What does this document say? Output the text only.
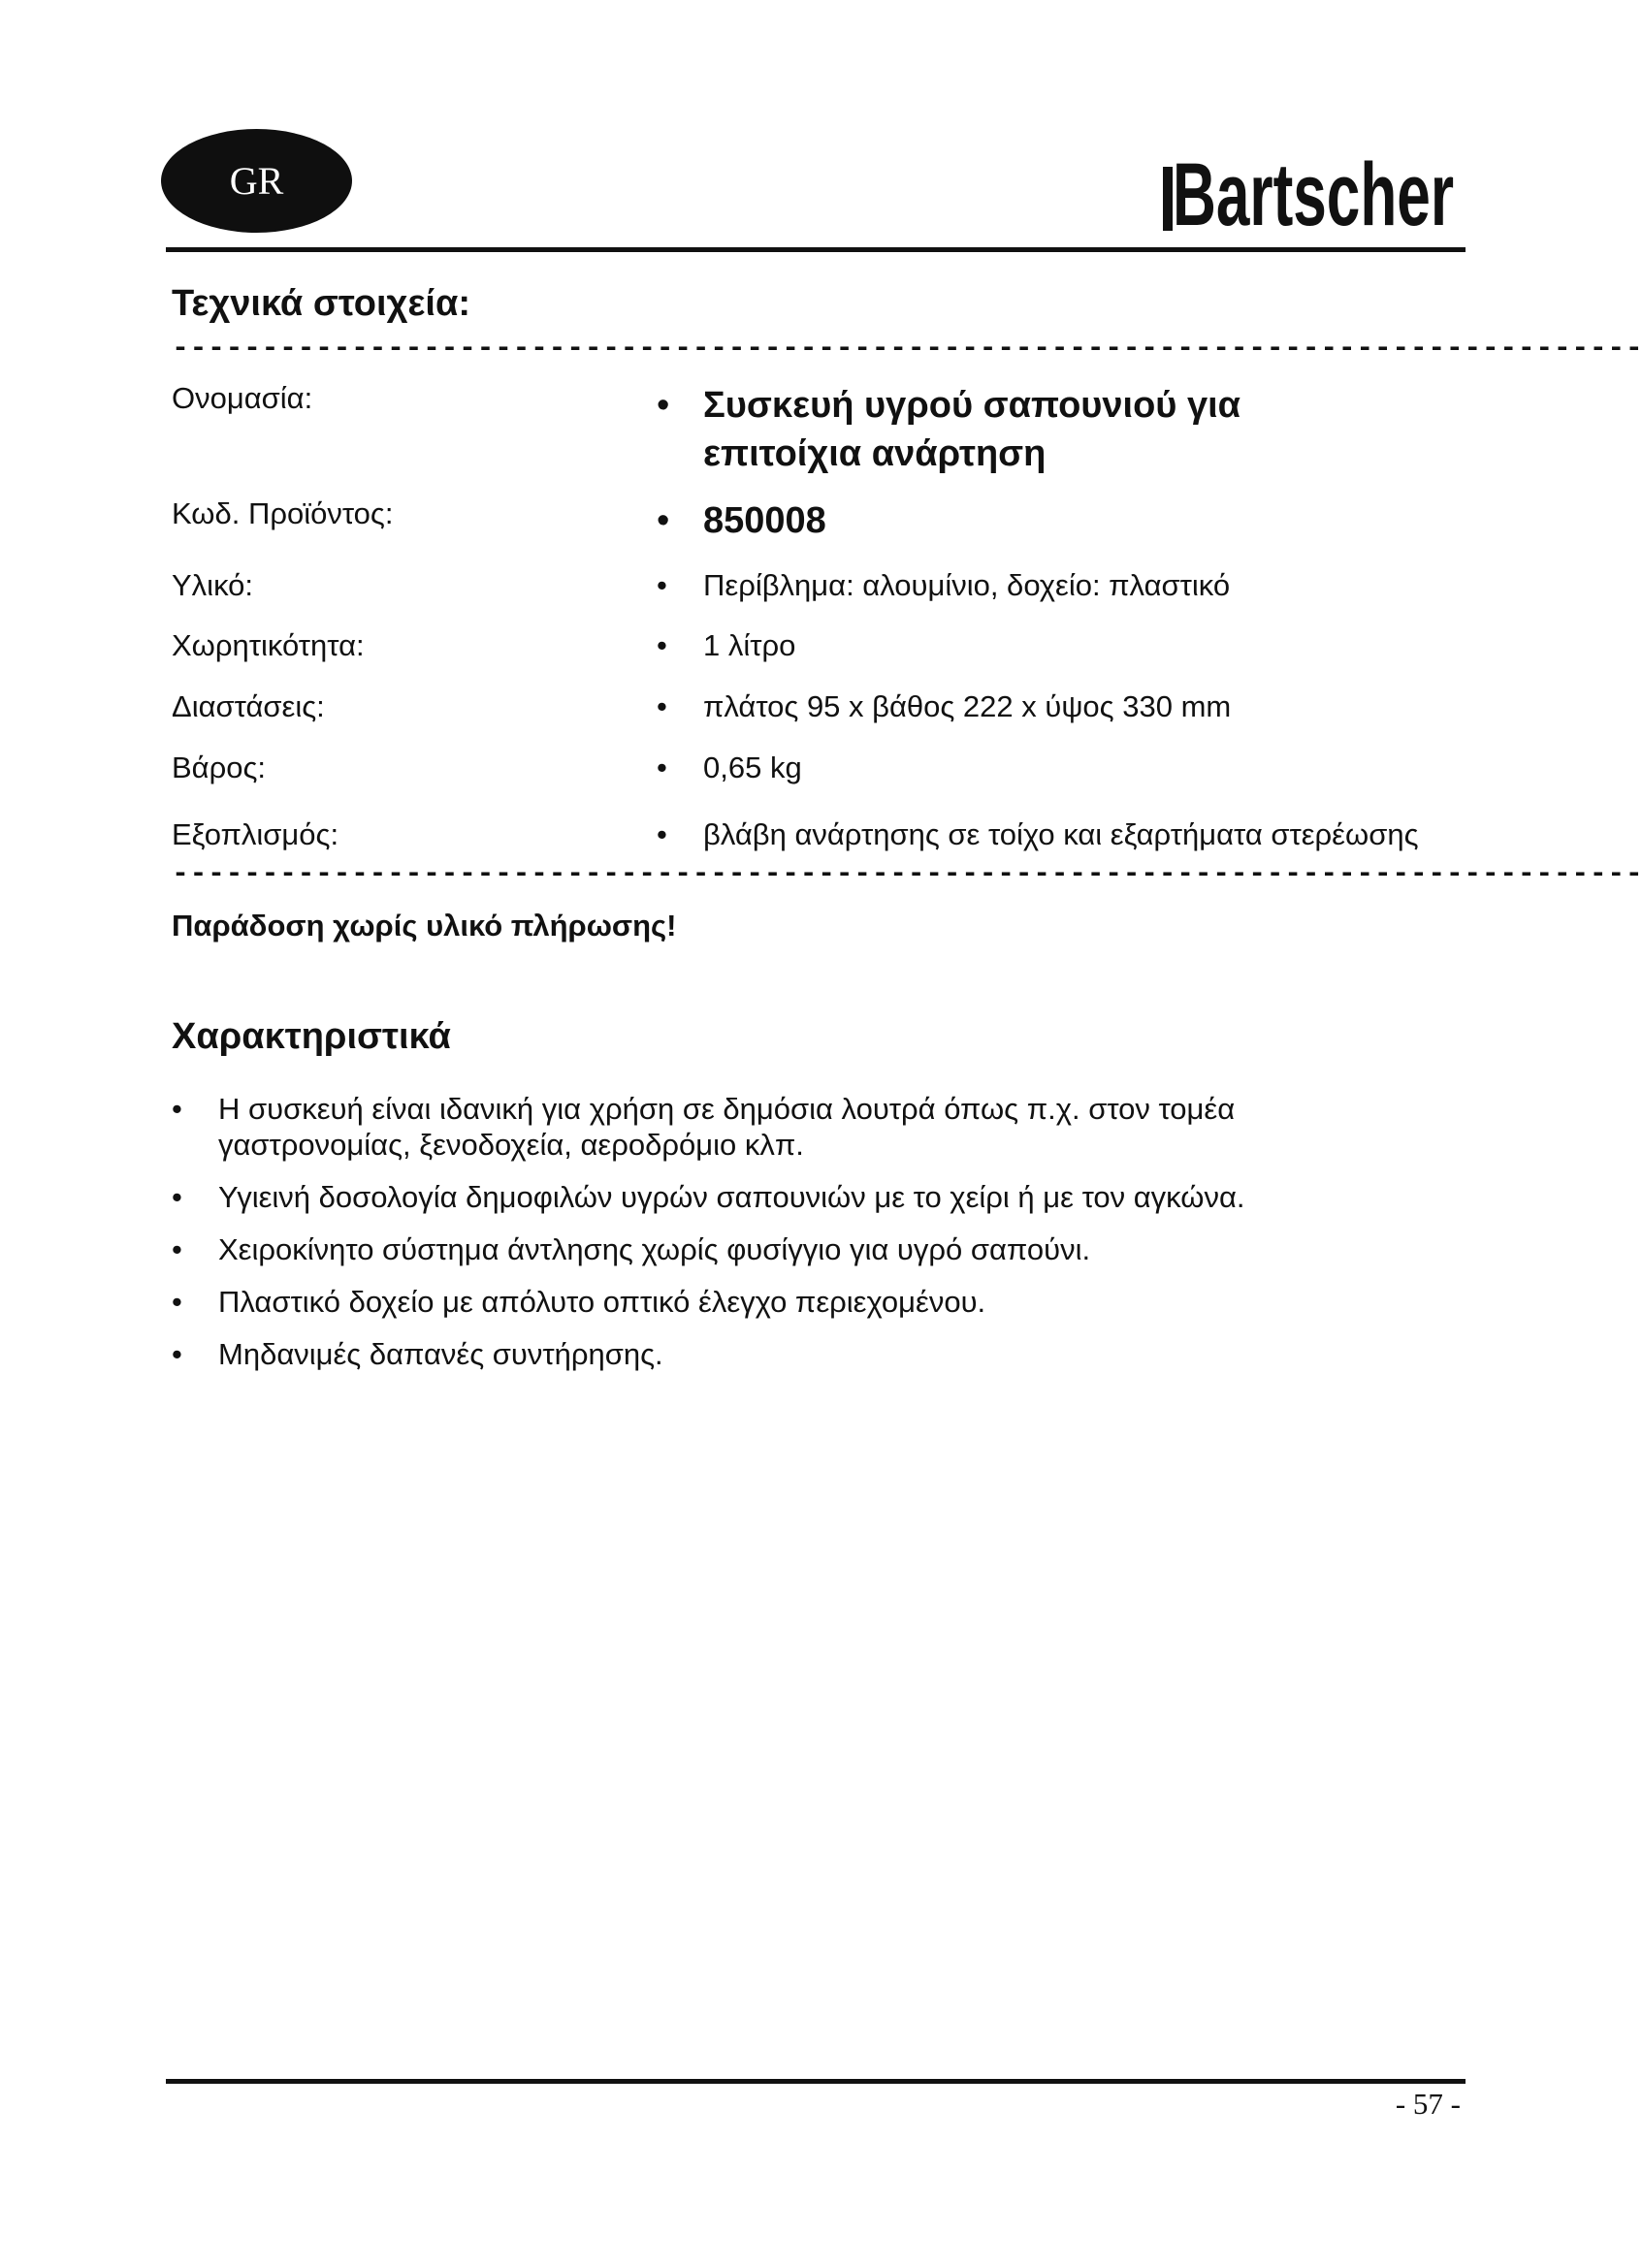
GR	Bartscher
Τεχνικά στοιχεία:
----------------------------------------------------------------------------------
Ονομασία:	• Συσκευή υγρού σαπουνιού για επιτοίχια ανάρτηση
Κωδ. Προϊόντος:	• 850008
Υλικό:	• Περίβλημα: αλουμίνιο, δοχείο: πλαστικό
Χωρητικότητα:	• 1 λίτρο
Διαστάσεις:	• πλάτος 95 x βάθος 222 x ύψος 330 mm
Βάρος:	• 0,65 kg
Εξοπλισμός:	• βλάβη ανάρτησης σε τοίχο και εξαρτήματα στερέωσης
----------------------------------------------------------------------------------
Παράδοση χωρίς υλικό πλήρωσης!
Χαρακτηριστικά
• Η συσκευή είναι ιδανική για χρήση σε δημόσια λουτρά όπως π.χ. στον τομέα γαστρονομίας, ξενοδοχεία, αεροδρόμιο κλπ.
• Υγιεινή δοσολογία δημοφιλών υγρών σαπουνιών με το χείρι ή με τον αγκώνα.
• Χειροκίνητο σύστημα άντλησης χωρίς φυσίγγιο για υγρό σαπούνι.
• Πλαστικό δοχείο με απόλυτο οπτικό έλεγχο περιεχομένου.
• Μηδανιμές δαπανές συντήρησης.
- 57 -
